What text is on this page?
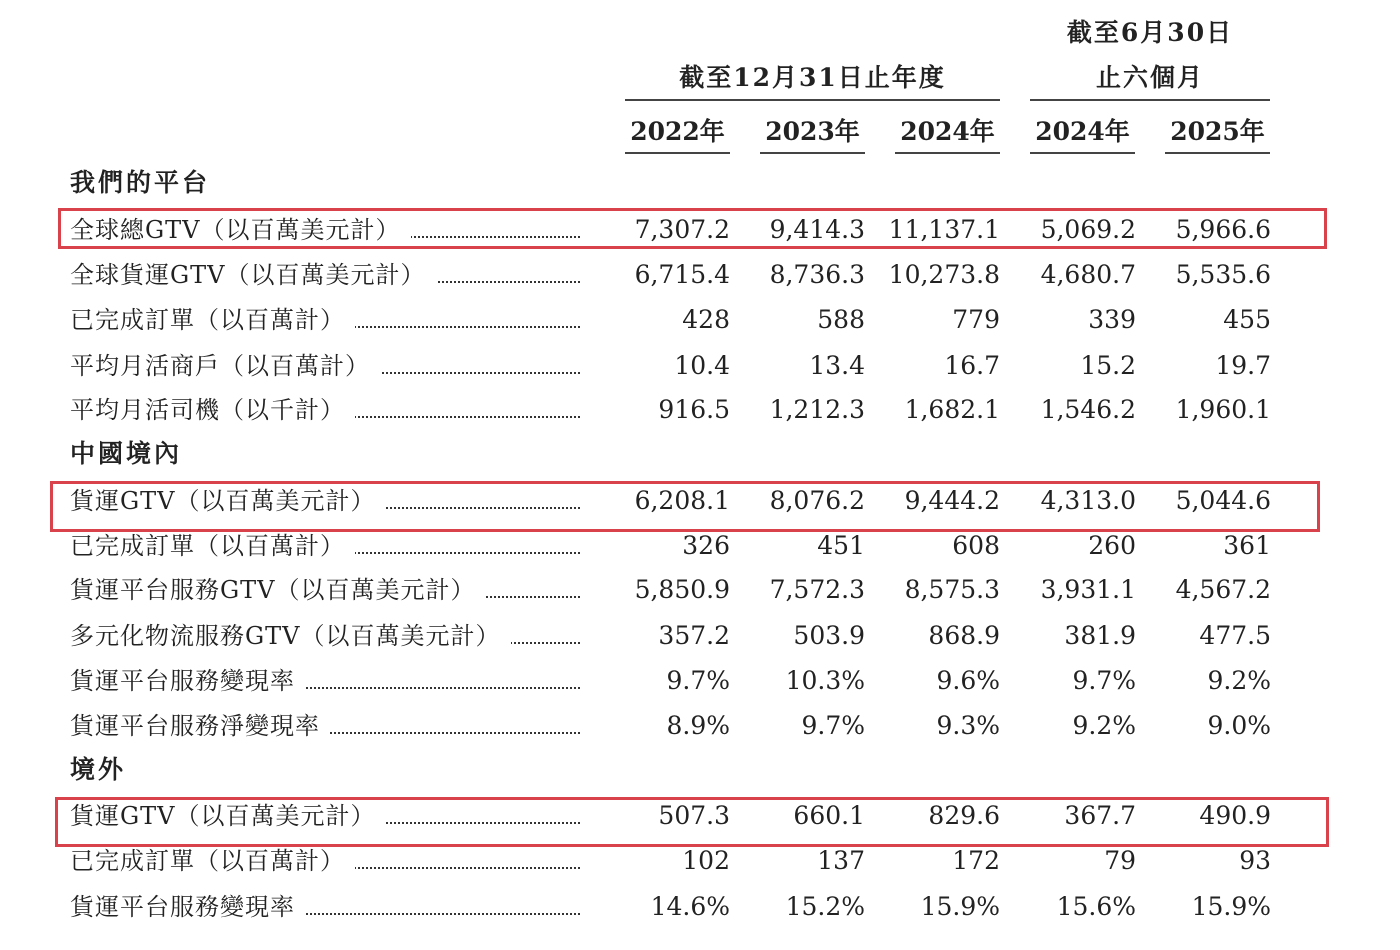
截至6月30日
止六個月
截至12月31日止年度
2022年 2023年 2024年 2024年 2025年
我們的平台
全球總GTV（以百萬美元計）	7,307.2	9,414.3 11,137.1	5,069.2	5,966.6
全球貨運GTV（以百萬美元計）	6,715.4	8,736.3 10,273.8	4,680.7	5,535.6
已完成訂單（以百萬計）	428	588	779	339	455
平均月活商戶（以百萬計）	10.4	13.4	16.7	15.2	19.7
平均月活司機（以千計）	916.5	1,212.3	1,682.1	1,546.2	1,960.1
中國境內
貨運GTV（以百萬美元計）	6,208.1	8,076.2	9,444.2	4,313.0	5,044.6
已完成訂單（以百萬計）	326	451	608	260	361
貨運平台服務GTV（以百萬美元計）	5,850.9	7,572.3	8,575.3	3,931.1	4,567.2
多元化物流服務GTV（以百萬美元計）	357.2	503.9	868.9	381.9	477.5
貨運平台服務變現率	9.7%	10.3%	9.6%	9.7%	9.2%
貨運平台服務淨變現率	8.9%	9.7%	9.3%	9.2%	9.0%
境外
貨運GTV（以百萬美元計）	507.3	660.1	829.6	367.7	490.9
已完成訂單（以百萬計）	102	137	172	79	93
貨運平台服務變現率	14.6%	15.2%	15.9%	15.6%	15.9%
